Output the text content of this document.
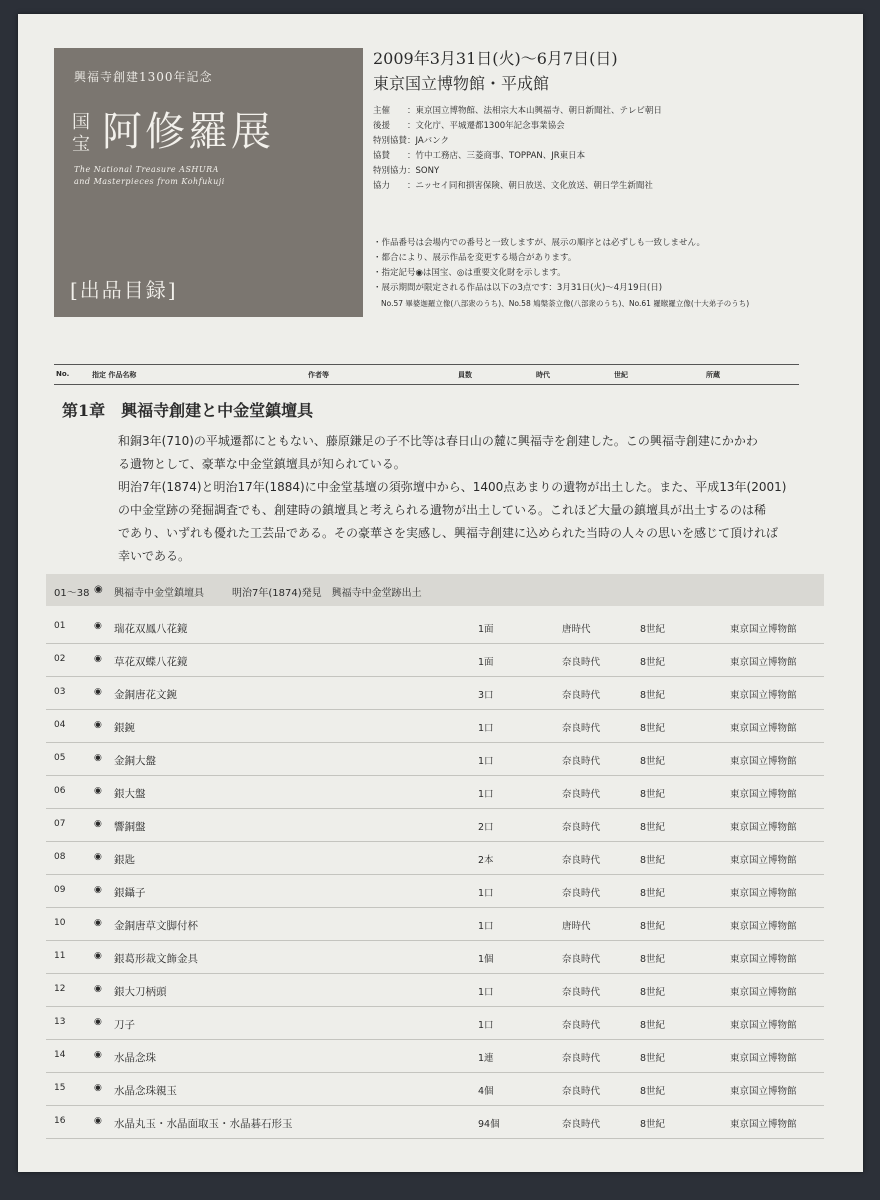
興福寺創建1300年記念
国宝 阿修羅展
The National Treasure ASHURA
and Masterpieces from Kohfukuji
[出品目録]
2009年3月31日(火)〜6月7日(日)
東京国立博物館・平成館
主催 ：東京国立博物館、法相宗大本山興福寺、朝日新聞社、テレビ朝日
後援 ：文化庁、平城遷都1300年記念事業協会
特別協賛：JAバンク
協賛 ：竹中工務店、三菱商事、TOPPAN、JR東日本
特別協力：SONY
協力 ：ニッセイ同和損害保険、朝日放送、文化放送、朝日学生新聞社
・作品番号は会場内での番号と一致しますが、展示の順序とは必ずしも一致しません。
・都合により、展示作品を変更する場合があります。
・指定記号◉は国宝、◎は重要文化財を示します。
・展示期間が限定される作品は以下の3点です：3月31日(火)〜4月19日(日)
No.57 畢婆迦羅立像(八部衆のうち)、No.58 鳩槃荼立像(八部衆のうち)、No.61 羅睺羅立像(十大弟子のうち)
No.	指定 作品名称	作者等	員数	時代	世紀	所蔵
第1章　興福寺創建と中金堂鎮壇具
和銅3年(710)の平城遷都にともない、藤原鎌足の子不比等は春日山の麓に興福寺を創建した。この興福寺創建にかかわ
る遺物として、豪華な中金堂鎮壇具が知られている。
明治7年(1874)と明治17年(1884)に中金堂基壇の須弥壇中から、1400点あまりの遺物が出土した。また、平成13年(2001)
の中金堂跡の発掘調査でも、創建時の鎮壇具と考えられる遺物が出土している。これほど大量の鎮壇具が出土するのは稀
であり、いずれも優れた工芸品である。その豪華さを実感し、興福寺創建に込められた当時の人々の思いを感じて頂ければ
幸いである。
01〜38 ◉ 興福寺中金堂鎮壇具	明治7年(1874)発見　興福寺中金堂跡出土
01	◉ 瑞花双鳳八花鏡	1面	唐時代	8世紀	東京国立博物館
02	◉ 草花双蝶八花鏡	1面	奈良時代	8世紀	東京国立博物館
03	◉ 金銅唐花文鋺	3口	奈良時代	8世紀	東京国立博物館
04	◉ 銀鋺	1口	奈良時代	8世紀	東京国立博物館
05	◉ 金銅大盤	1口	奈良時代	8世紀	東京国立博物館
06	◉ 銀大盤	1口	奈良時代	8世紀	東京国立博物館
07	◉ 響銅盤	2口	奈良時代	8世紀	東京国立博物館
08	◉ 銀匙	2本	奈良時代	8世紀	東京国立博物館
09	◉ 銀鑷子	1口	奈良時代	8世紀	東京国立博物館
10	◉ 金銅唐草文脚付杯	1口	唐時代	8世紀	東京国立博物館
11	◉ 銀葛形裁文飾金具	1個	奈良時代	8世紀	東京国立博物館
12	◉ 銀大刀柄頭	1口	奈良時代	8世紀	東京国立博物館
13	◉ 刀子	1口	奈良時代	8世紀	東京国立博物館
14	◉ 水晶念珠	1連	奈良時代	8世紀	東京国立博物館
15	◉ 水晶念珠親玉	4個	奈良時代	8世紀	東京国立博物館
16	◉ 水晶丸玉・水晶面取玉・水晶碁石形玉	94個	奈良時代	8世紀	東京国立博物館
